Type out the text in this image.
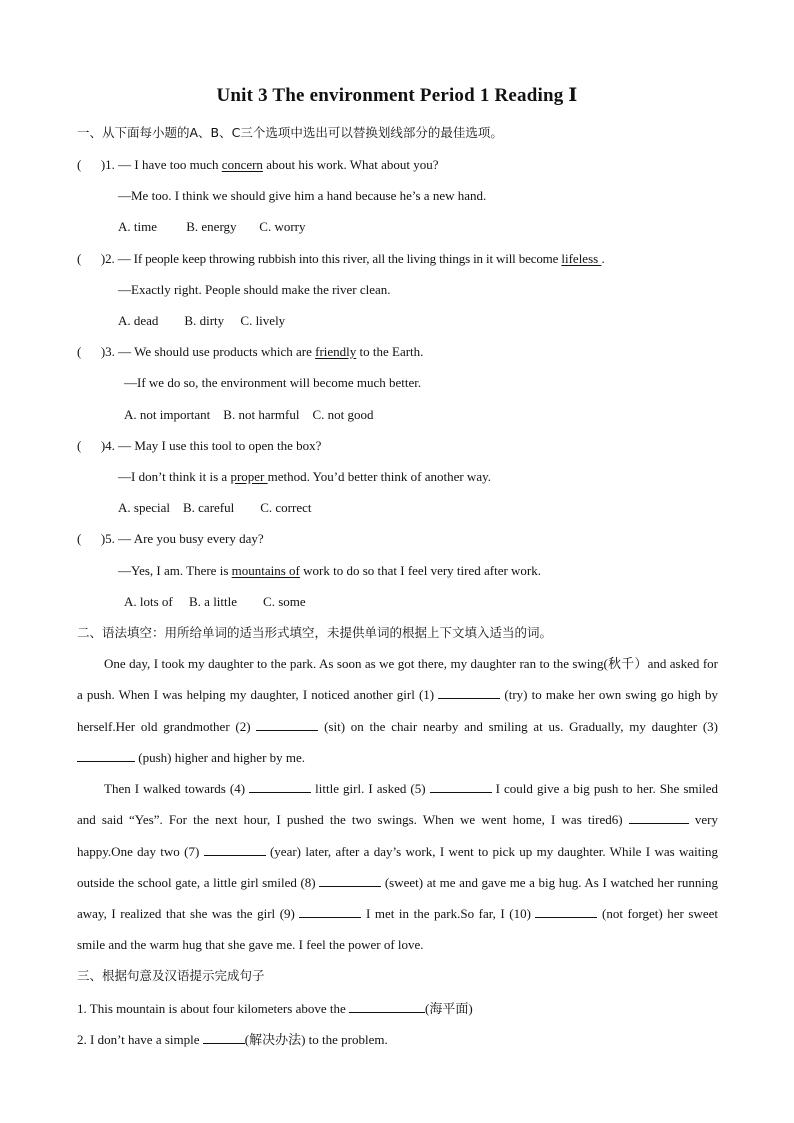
Unit 3 The environment Period 1 Reading Ⅰ
一、从下面每小题的A、B、C三个选项中选出可以替换划线部分的最佳选项。
(      )1. — I have too much concern about his work. What about you?
—Me too. I think we should give him a hand because he’s a new hand.
A. time         B. energy       C. worry
(      )2. — If people keep throwing rubbish into this river, all the living things in it will become lifeless .
—Exactly right. People should make the river clean.
A. dead        B. dirty     C. lively
(      )3. — We should use products which are friendly to the Earth.
—If we do so, the environment will become much better.
A. not important    B. not harmful    C. not good
(      )4. — May I use this tool to open the box?
—I don’t think it is a proper method. You’d better think of another way.
A. special    B. careful        C. correct
(      )5. — Are you busy every day?
—Yes, I am. There is mountains of work to do so that I feel very tired after work.
A. lots of     B. a little        C. some
二、语法填空：用所给单词的适当形式填空，未提供单词的根据上下文填入适当的词。
One day, I took my daughter to the park. As soon as we got there, my daughter ran to the swing(秋千）and asked for a push. When I was helping my daughter, I noticed another girl (1)	(try) to make her own swing go high by herself.Her old grandmother (2)	(sit) on the chair nearby and smiling at us. Gradually, my daughter (3)  (push) higher and higher by me.
Then I walked towards (4)	little girl. I asked (5)	I could give a big push to her. She smiled and said “Yes”. For the next hour, I pushed the two swings. When we went home, I was tired6)	very happy.One day two (7)	(year) later, after a day’s work, I went to pick up my daughter. While I was waiting outside the school gate, a little girl smiled (8)	(sweet) at me and gave me a big hug. As I watched her running away, I realized that she was the girl (9)	I met in the park.So far, I (10)	(not forget) her sweet smile and the warm hug that she gave me. I feel the power of love.
三、根据句意及汉语提示完成句子
1. This mountain is about four kilometers above the	(海平面)
2. I don’t have a simple	(解决办法) to the problem.
